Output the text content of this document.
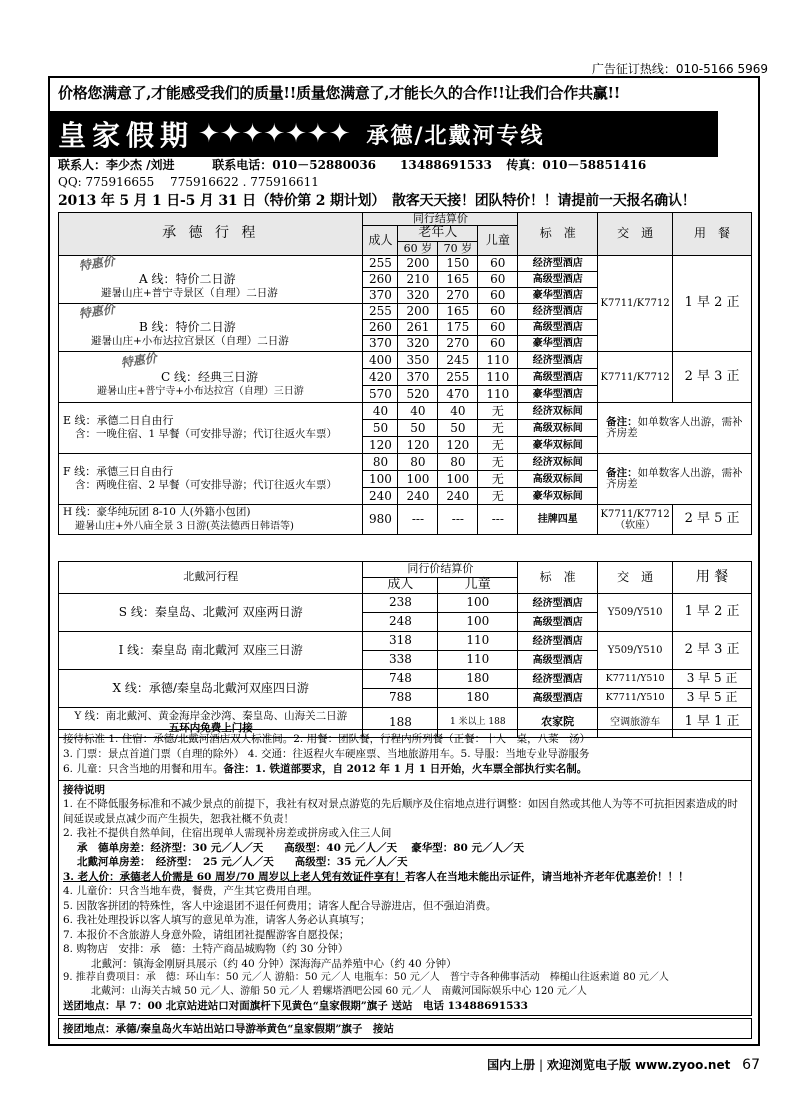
广告征订热线：010-5166 5969
价格您满意了,才能感受我们的质量!!质量您满意了,才能长久的合作!!让我们合作共赢!!
皇家假期 ✦✦✦✦✦✦✦ 承德/北戴河专线
联系人：李少杰 /刘进	联系电话：010－52880036　　13488691533 传真：010－58851416
QQ: 775916655　 775916622 . 775916611
2013 年 5 月 1 日-5 月 31 日（特价第 2 期计划）　散客天天接！团队特价！！请提前一天报名确认！
承 德 行 程	同行结算价				标　准	交　通	用　餐
	成人	老年人		儿童			
		60 岁	70 岁				

特惠价
A 线：特价二日游
避暑山庄+普宁寺景区（自理）二日游	255	200	150	60	经济型酒店	K7711/K7712	1 早 2 正
	260	210	165	60	高级型酒店		
	370	320	270	60	豪华型酒店		

特惠价
B 线：特价二日游
避暑山庄+小布达拉宫景区（自理）二日游	255	200	165	60	经济型酒店		
	260	261	175	60	高级型酒店		
	370	320	270	60	豪华型酒店		

特惠价
C 线：经典三日游
避暑山庄+普宁寺+小布达拉宫（自理）三日游	400	350	245	110	经济型酒店	K7711/K7712	2 早 3 正
	420	370	255	110	高级型酒店		
	570	520	470	110	豪华型酒店		

E 线：承德二日自由行
含：一晚住宿、1 早餐（可安排导游；代订往返火车票）	40	40	40	无	经济双标间	备注：如单数客人出游，需补齐房差	
	50	50	50	无	高级双标间		
	120	120	120	无	豪华双标间		

F 线：承德三日自由行
含：两晚住宿、2 早餐（可安排导游；代订往返火车票）	80	80	80	无	经济双标间	备注：如单数客人出游，需补齐房差	
	100	100	100	无	高级双标间		
	240	240	240	无	豪华双标间		

H 线：豪华纯玩团 8-10 人(外籍小包团)
避暑山庄+外八庙全景 3 日游(英法德西日韩语等)	980	---	---	---	挂牌四星	K7711/K7712（软座）	2 早 5 正
北戴河行程	同行价结算价		标　准	交　通	用 餐
	成人	儿童			
S 线：秦皇岛、北戴河 双座两日游	238	100	经济型酒店	Y509/Y510	1 早 2 正
	248	100	高级型酒店		
I 线：秦皇岛 南北戴河 双座三日游	318	110	经济型酒店	Y509/Y510	2 早 3 正
	338	110	高级型酒店		
X 线：承德/秦皇岛北戴河双座四日游	748	180	经济型酒店	K7711/Y510	3 早 5 正
	788	180	高级型酒店	K7711/Y510	3 早 5 正

Y 线：南北戴河、黄金海岸金沙湾、秦皇岛、山海关二日游
五环内免费上门接	188	1 米以上 188	农家院	空调旅游车	1 早 1 正
接待标准 1. 住宿：承德/北戴河酒店双人标准间。2. 用餐：团队餐，行程内所列餐（正餐：十人一桌，八菜一汤）
3. 门票：景点首道门票（自理的除外） 4. 交通：往返程火车硬座票、当地旅游用车。5. 导服：当地专业导游服务
6. 儿童：只含当地的用餐和用车。备注：1. 铁道部要求，自 2012 年 1 月 1 日开始，火车票全部执行实名制。
接待说明
1. 在不降低服务标准和不减少景点的前提下，我社有权对景点游览的先后顺序及住宿地点进行调整：如因自然或其他人为等不可抗拒因素造成的时间延误或景点减少而产生损失，恕我社概不负责！
2. 我社不提供自然单间，住宿出现单人需现补房差或拼房或入住三人间
承　德单房差：经济型：30 元／人／天　　高级型：40 元／人／天　 豪华型：80 元／人／天
北戴河单房差：　经济型：　25 元／人／天　　高级型：35 元／人／天
3. 老人价：承德老人价需是 60 周岁/70 周岁以上老人凭有效证件享有！若客人在当地未能出示证件，请当地补齐老年优惠差价！！！
4. 儿童价：只含当地车费，餐费，产生其它费用自理。
5. 因散客拼团的特殊性，客人中途退团不退任何费用；请客人配合导游进店，但不强迫消费。
6. 我社处理投诉以客人填写的意见单为准，请客人务必认真填写；
7. 本报价不含旅游人身意外险，请组团社提醒游客自愿投保；
8. 购物店　安排：承　德：土特产商品城购物（约 30 分钟）
北戴河：镇海金刚厨具展示（约 40 分钟）深海海产品养殖中心（约 40 分钟）
9. 推荐自费项目：承　德：环山车：50 元／人 游船：50 元／人 电瓶车：50 元／人　普宁寺各种佛事活动　棒槌山往返索道 80 元／人
北戴河：山海关古城 50 元／人、游船 50 元／人 碧螺塔酒吧公园 60 元／人　南戴河国际娱乐中心 120 元／人
送团地点：早 7：00 北京站进站口对面旗杆下见黄色“皇家假期”旗子 送站　电话 13488691533
接团地点：承德/秦皇岛火车站出站口导游举黄色“皇家假期”旗子　接站
国内上册 | 欢迎浏览电子版 www.zyoo.net 67
